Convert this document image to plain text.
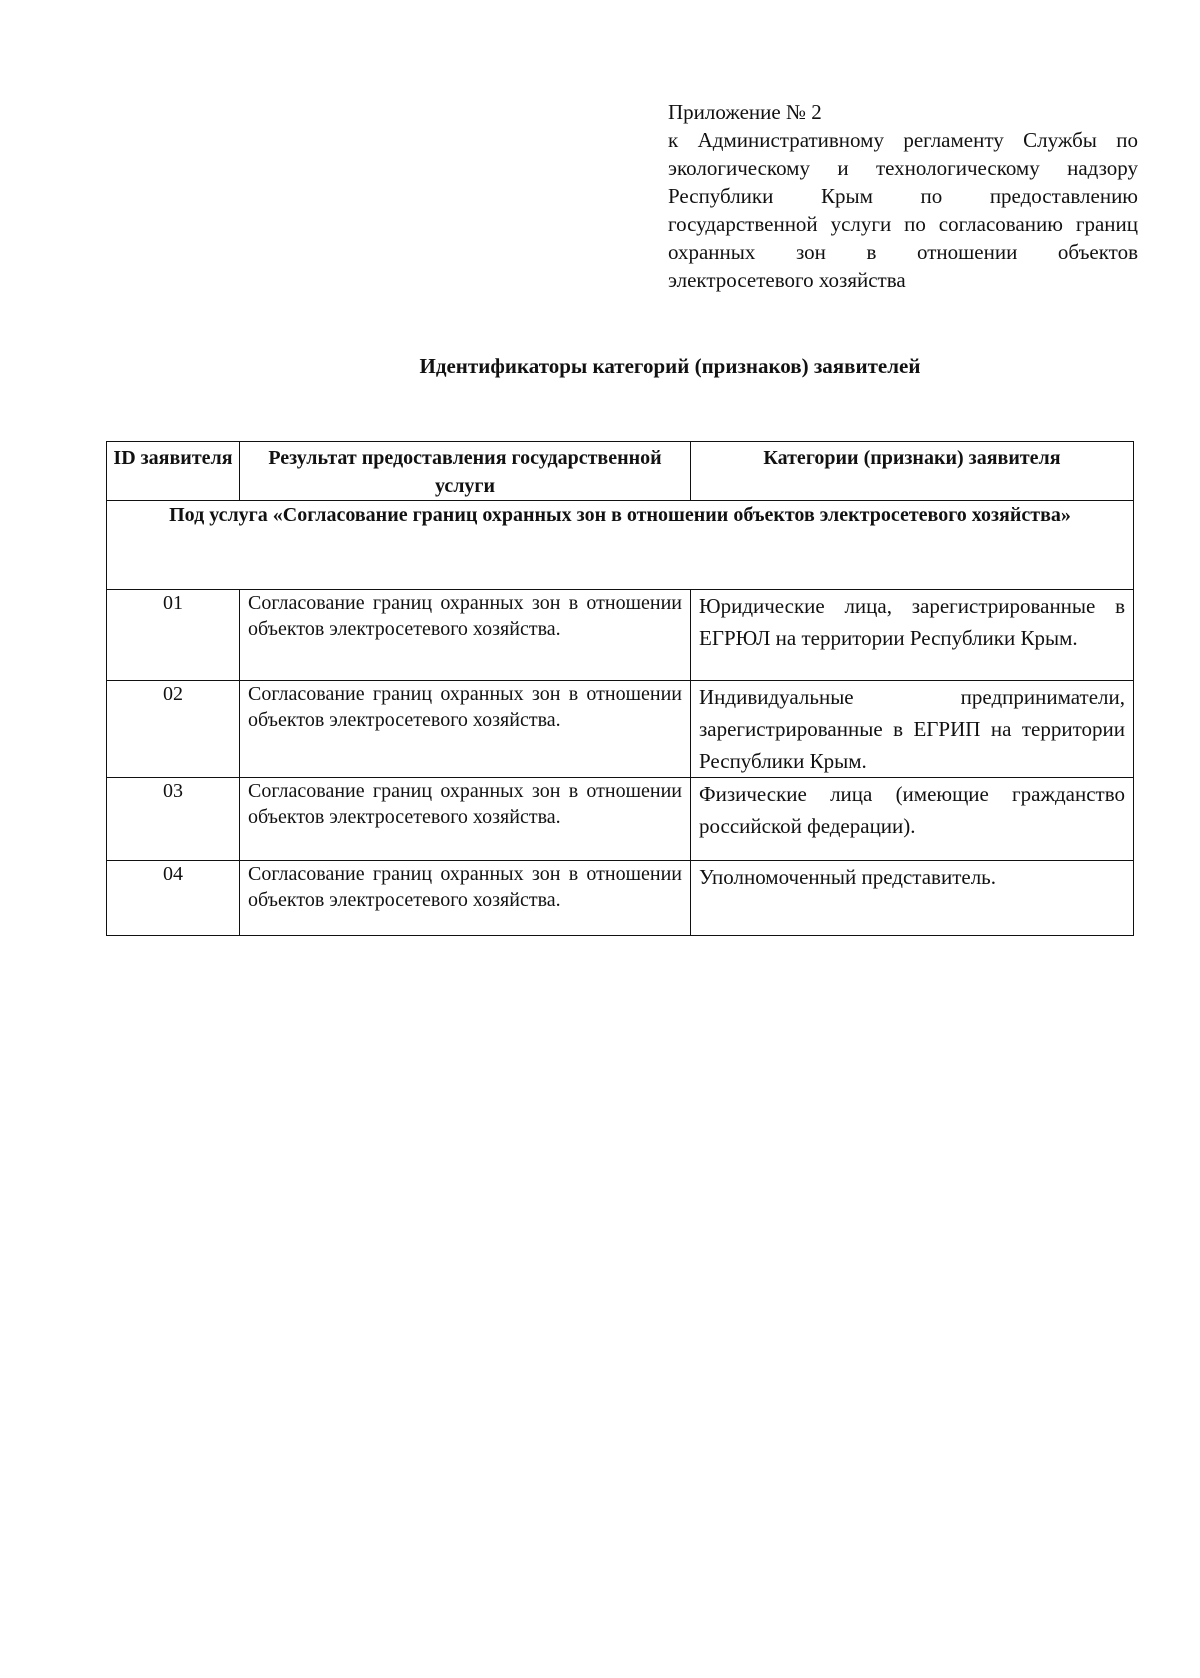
Приложение № 2
к Административному регламенту Службы по экологическому и технологическому надзору Республики Крым по предоставлению государственной услуги по согласованию границ охранных зон в отношении объектов электросетевого хозяйства
Идентификаторы категорий (признаков) заявителей
ID заявителя	Результат предоставления государственной услуги	Категории (признаки) заявителя
Под услуга «Согласование границ охранных зон в отношении объектов электросетевого хозяйства»		
01	Согласование границ охранных зон в отношении объектов электросетевого хозяйства.	Юридические лица, зарегистрированные в ЕГРЮЛ на территории Республики Крым.
02	Согласование границ охранных зон в отношении объектов электросетевого хозяйства.	Индивидуальные предприниматели, зарегистрированные в ЕГРИП на территории Республики Крым.
03	Согласование границ охранных зон в отношении объектов электросетевого хозяйства.	Физические лица (имеющие гражданство российской федерации).
04	Согласование границ охранных зон в отношении объектов электросетевого хозяйства.	Уполномоченный представитель.
